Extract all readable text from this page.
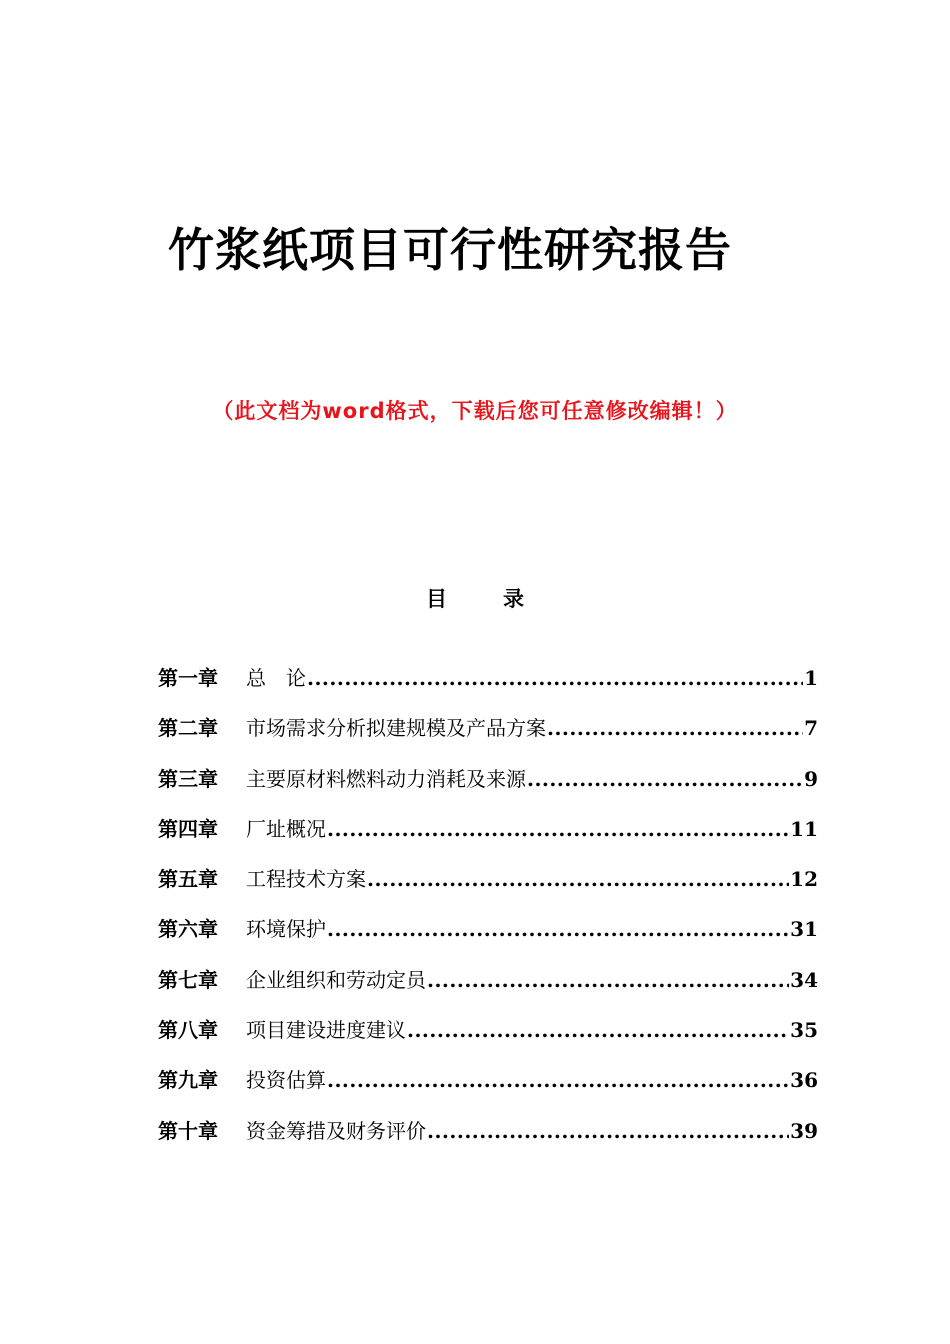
竹浆纸项目可行性研究报告
（此文档为word格式，下载后您可任意修改编辑！）
目	录
第一章	总　论 .....	1
第二章	市场需求分析拟建规模及产品方案 .....	7
第三章	主要原材料燃料动力消耗及来源 .....	9
第四章	厂址概况 .....	11
第五章	工程技术方案 .....	12
第六章	环境保护 .....	31
第七章	企业组织和劳动定员 .....	34
第八章	项目建设进度建议 .....	35
第九章	投资估算 .....	36
第十章	资金筹措及财务评价 .....	39
